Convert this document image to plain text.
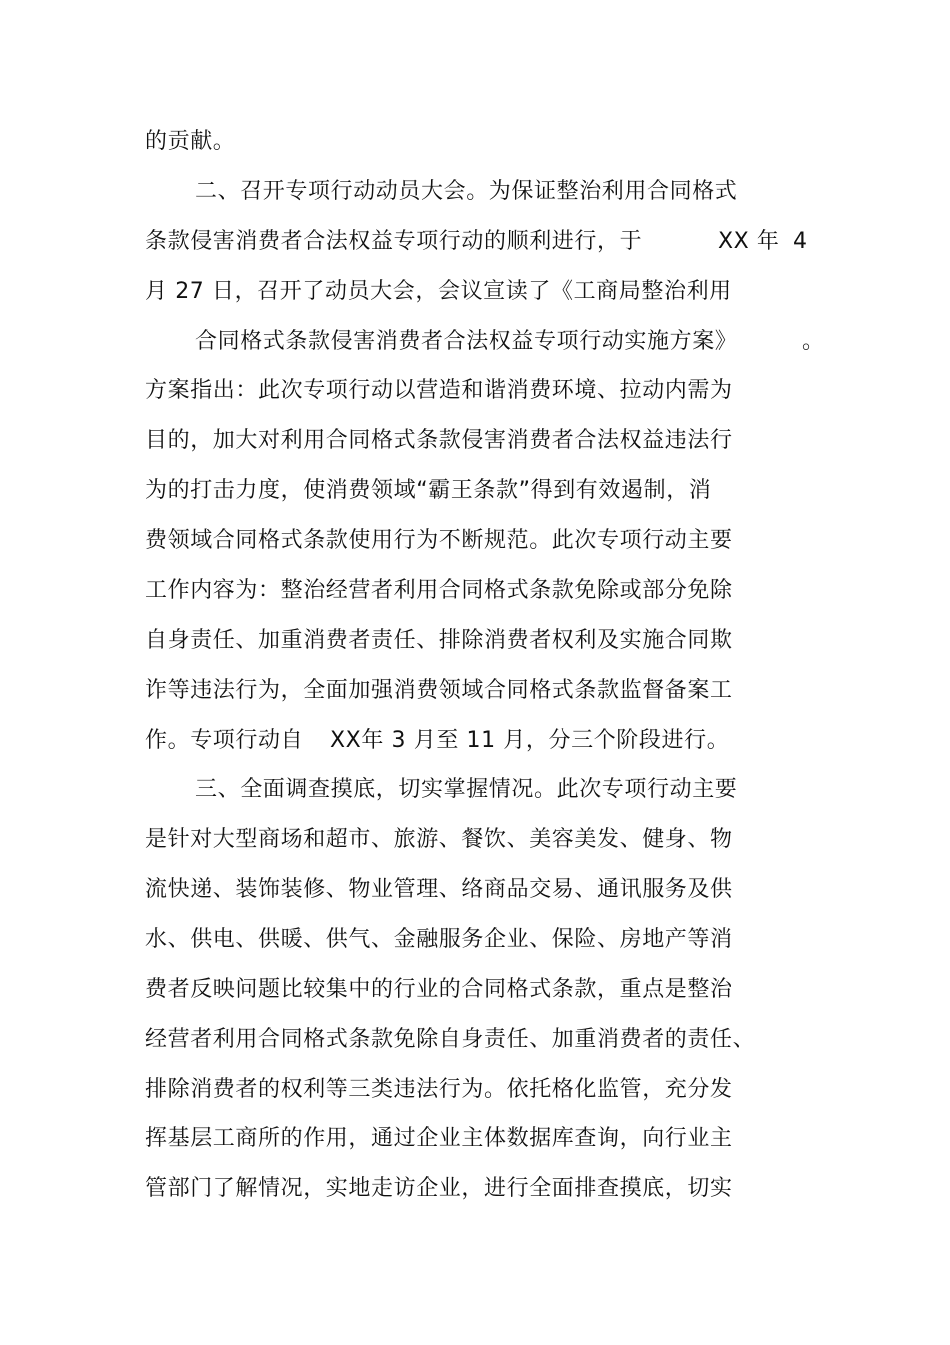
的贡献。
二、召开专项行动动员大会。为保证整治利用合同格式
条款侵害消费者合法权益专项行动的顺利进行，于	XX 年 4
月 27 日，召开了动员大会，会议宣读了《工商局整治利用
合同格式条款侵害消费者合法权益专项行动实施方案》	。
方案指出：此次专项行动以营造和谐消费环境、拉动内需为
目的，加大对利用合同格式条款侵害消费者合法权益违法行
为的打击力度，使消费领域“霸王条款”得到有效遏制，消
费领域合同格式条款使用行为不断规范。此次专项行动主要
工作内容为：整治经营者利用合同格式条款免除或部分免除
自身责任、加重消费者责任、排除消费者权利及实施合同欺
诈等违法行为，全面加强消费领域合同格式条款监督备案工
作。专项行动自 XX年 3 月至 11 月，分三个阶段进行。
三、全面调查摸底，切实掌握情况。此次专项行动主要
是针对大型商场和超市、旅游、餐饮、美容美发、健身、物
流快递、装饰装修、物业管理、络商品交易、通讯服务及供
水、供电、供暖、供气、金融服务企业、保险、房地产等消
费者反映问题比较集中的行业的合同格式条款，重点是整治
经营者利用合同格式条款免除自身责任、加重消费者的责任、
排除消费者的权利等三类违法行为。依托格化监管，充分发
挥基层工商所的作用，通过企业主体数据库查询，向行业主
管部门了解情况，实地走访企业，进行全面排查摸底，切实
